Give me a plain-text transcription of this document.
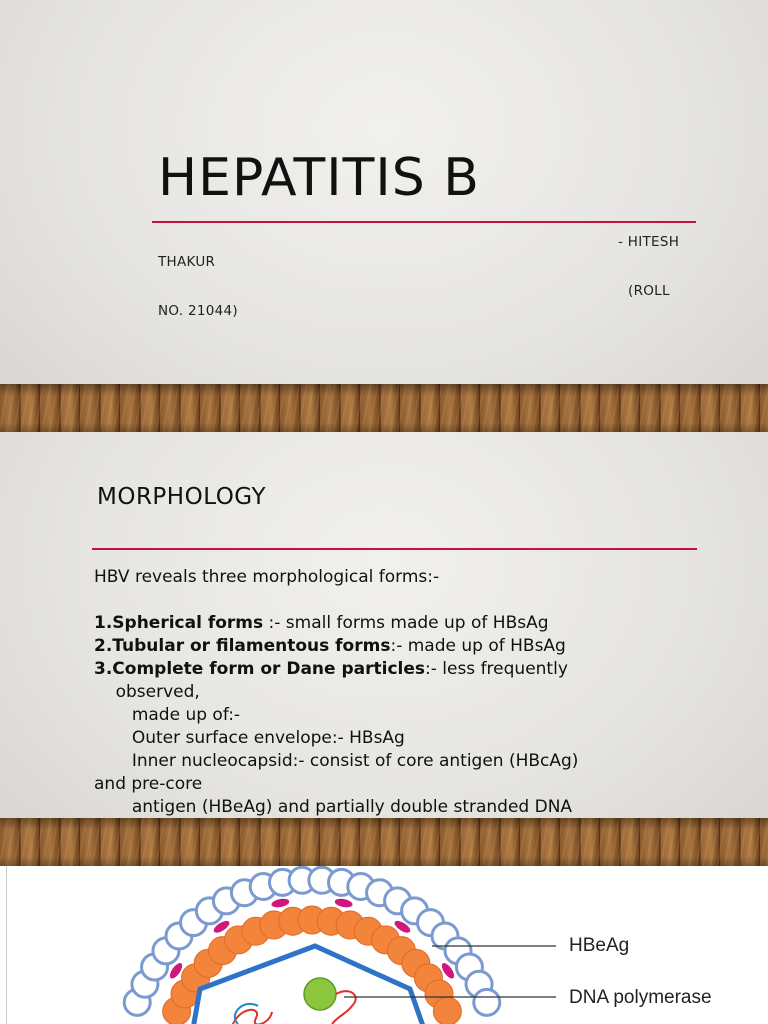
HEPATITIS B
- HITESH
THAKUR
(ROLL
NO. 21044)
MORPHOLOGY
HBV reveals three morphological forms:-
1.Spherical forms :- small forms made up of HBsAg
2.Tubular or filamentous forms:- made up of HBsAg
3.Complete form or Dane particles:- less frequently
observed,
made up of:-
Outer surface envelope:- HBsAg
Inner nucleocapsid:- consist of core antigen (HBcAg)
and pre-core
antigen (HBeAg) and partially double stranded DNA
HBeAg
DNA polymerase
